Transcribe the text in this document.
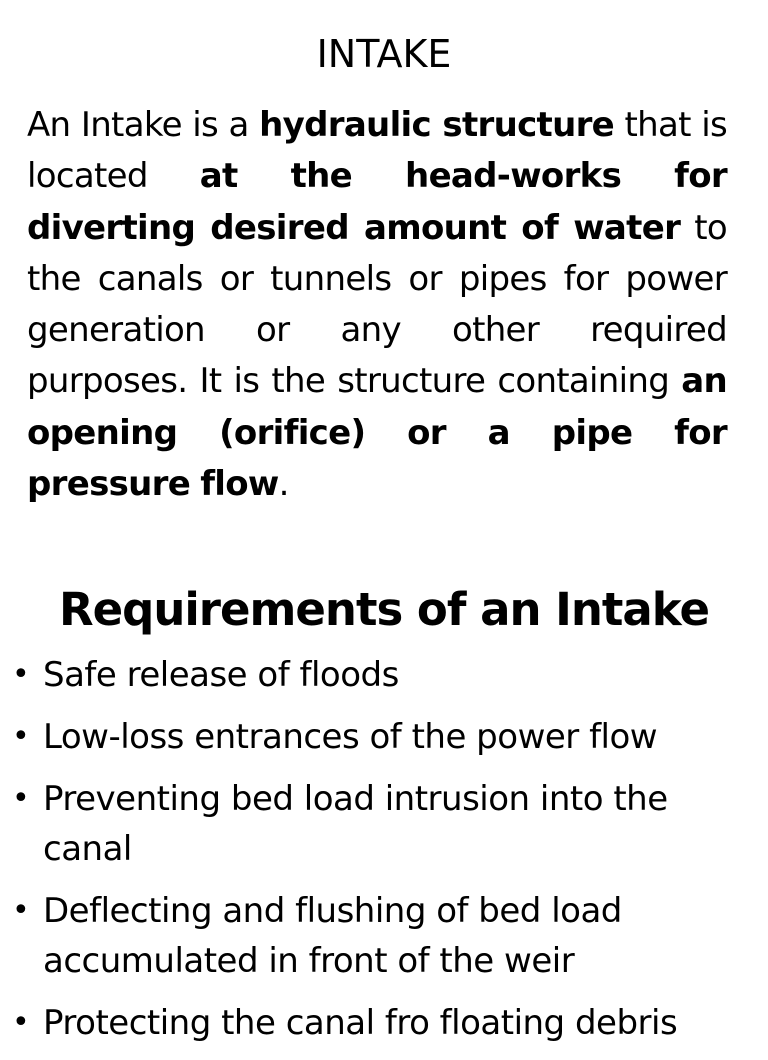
INTAKE

An Intake is a hydraulic structure that is located at the head-works for diverting desired amount of water to the canals or tunnels or pipes for power generation or any other required purposes. It is the structure containing an opening (orifice) or a pipe for pressure flow.

Requirements of an Intake
• Safe release of floods
• Low-loss entrances of the power flow
• Preventing bed load intrusion into the canal
• Deflecting and flushing of bed load accumulated in front of the weir
• Protecting the canal fro floating debris
